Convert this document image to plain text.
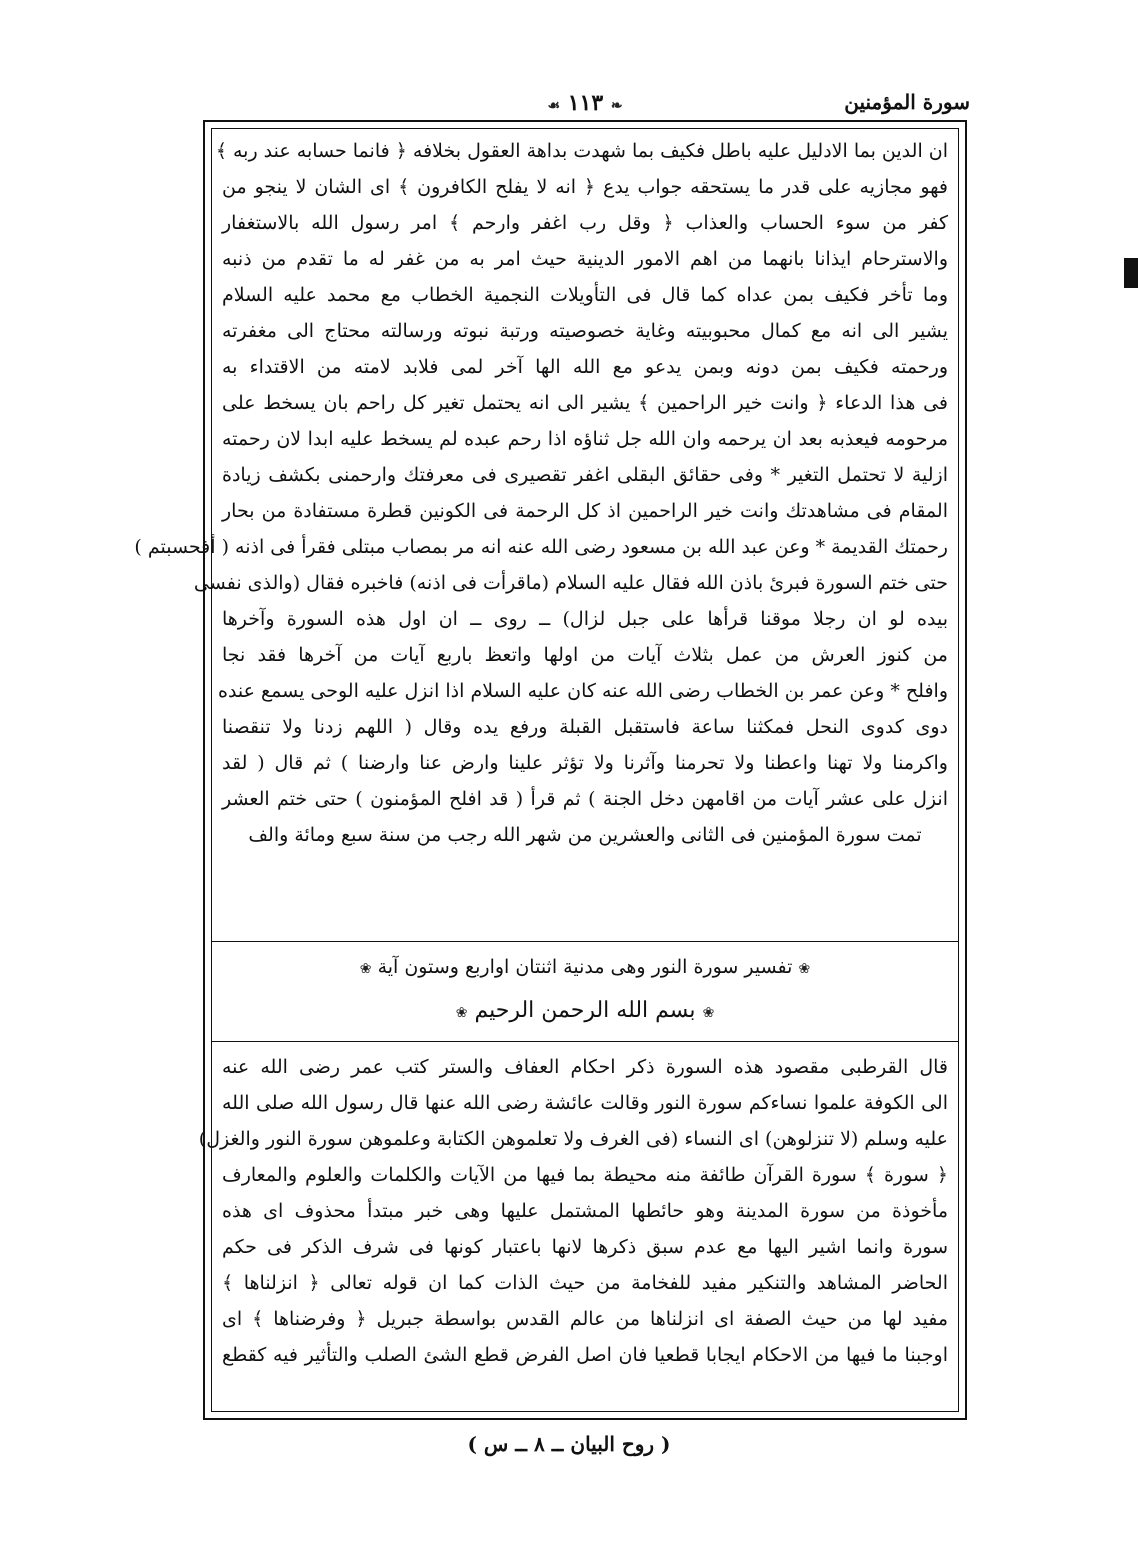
سورة المؤمنين
❧ ١١٣ ☙
ان الدين بما الادليل عليه باطل فكيف بما شهدت بداهة العقول بخلافه ﴿ فانما حسابه عند ربه ﴾
فهو مجازيه على قدر ما يستحقه جواب يدع ﴿ انه لا يفلح الكافرون ﴾ اى الشان لا ينجو من
كفر من سوء الحساب والعذاب ﴿ وقل رب اغفر وارحم ﴾ امر رسول الله بالاستغفار
والاسترحام ايذانا بانهما من اهم الامور الدينية حيث امر به من غفر له ما تقدم من ذنبه
وما تأخر فكيف بمن عداه كما قال فى التأويلات النجمية الخطاب مع محمد عليه السلام
يشير الى انه مع كمال محبوبيته وغاية خصوصيته ورتبة نبوته ورسالته محتاج الى مغفرته
ورحمته فكيف بمن دونه وبمن يدعو مع الله الها آخر لمى فلابد لامته من الاقتداء به
فى هذا الدعاء ﴿ وانت خير الراحمين ﴾ يشير الى انه يحتمل تغير كل راحم بان يسخط على
مرحومه فيعذبه بعد ان يرحمه وان الله جل ثناؤه اذا رحم عبده لم يسخط عليه ابدا لان رحمته
ازلية لا تحتمل التغير * وفى حقائق البقلى اغفر تقصيرى فى معرفتك وارحمنى بكشف زيادة
المقام فى مشاهدتك وانت خير الراحمين اذ كل الرحمة فى الكونين قطرة مستفادة من بحار
رحمتك القديمة * وعن عبد الله بن مسعود رضى الله عنه انه مر بمصاب مبتلى فقرأ فى اذنه ( أفحسبتم )
حتى ختم السورة فبرئ باذن الله فقال عليه السلام (ماقرأت فى اذنه) فاخبره فقال (والذى نفسى
بيده لو ان رجلا موقنا قرأها على جبل لزال) ــ روى ــ ان اول هذه السورة وآخرها
من كنوز العرش من عمل بثلاث آيات من اولها واتعظ باربع آيات من آخرها فقد نجا
وافلح * وعن عمر بن الخطاب رضى الله عنه كان عليه السلام اذا انزل عليه الوحى يسمع عنده
دوى كدوى النحل فمكثنا ساعة فاستقبل القبلة ورفع يده وقال ( اللهم زدنا ولا تنقصنا
واكرمنا ولا تهنا واعطنا ولا تحرمنا وآثرنا ولا تؤثر علينا وارض عنا وارضنا ) ثم قال ( لقد
انزل على عشر آيات من اقامهن دخل الجنة ) ثم قرأ ( قد افلح المؤمنون ) حتى ختم العشر
تمت سورة المؤمنين فى الثانى والعشرين من شهر الله رجب من سنة سبع ومائة والف
❀ تفسير سورة النور وهى مدنية اثنتان اواربع وستون آية ❀
❀ بسم الله الرحمن الرحيم ❀
قال القرطبى مقصود هذه السورة ذكر احكام العفاف والستر كتب عمر رضى الله عنه
الى الكوفة علموا نساءكم سورة النور وقالت عائشة رضى الله عنها قال رسول الله صلى الله
عليه وسلم (لا تنزلوهن) اى النساء (فى الغرف ولا تعلموهن الكتابة وعلموهن سورة النور والغزل)
﴿ سورة ﴾ سورة القرآن طائفة منه محيطة بما فيها من الآيات والكلمات والعلوم والمعارف
مأخوذة من سورة المدينة وهو حائطها المشتمل عليها وهى خبر مبتدأ محذوف اى هذه
سورة وانما اشير اليها مع عدم سبق ذكرها لانها باعتبار كونها فى شرف الذكر فى حكم
الحاضر المشاهد والتنكير مفيد للفخامة من حيث الذات كما ان قوله تعالى ﴿ انزلناها ﴾
مفيد لها من حيث الصفة اى انزلناها من عالم القدس بواسطة جبريل ﴿ وفرضناها ﴾ اى
اوجبنا ما فيها من الاحكام ايجابا قطعيا فان اصل الفرض قطع الشئ الصلب والتأثير فيه كقطع
( روح البيان ــ ٨ ــ س )
